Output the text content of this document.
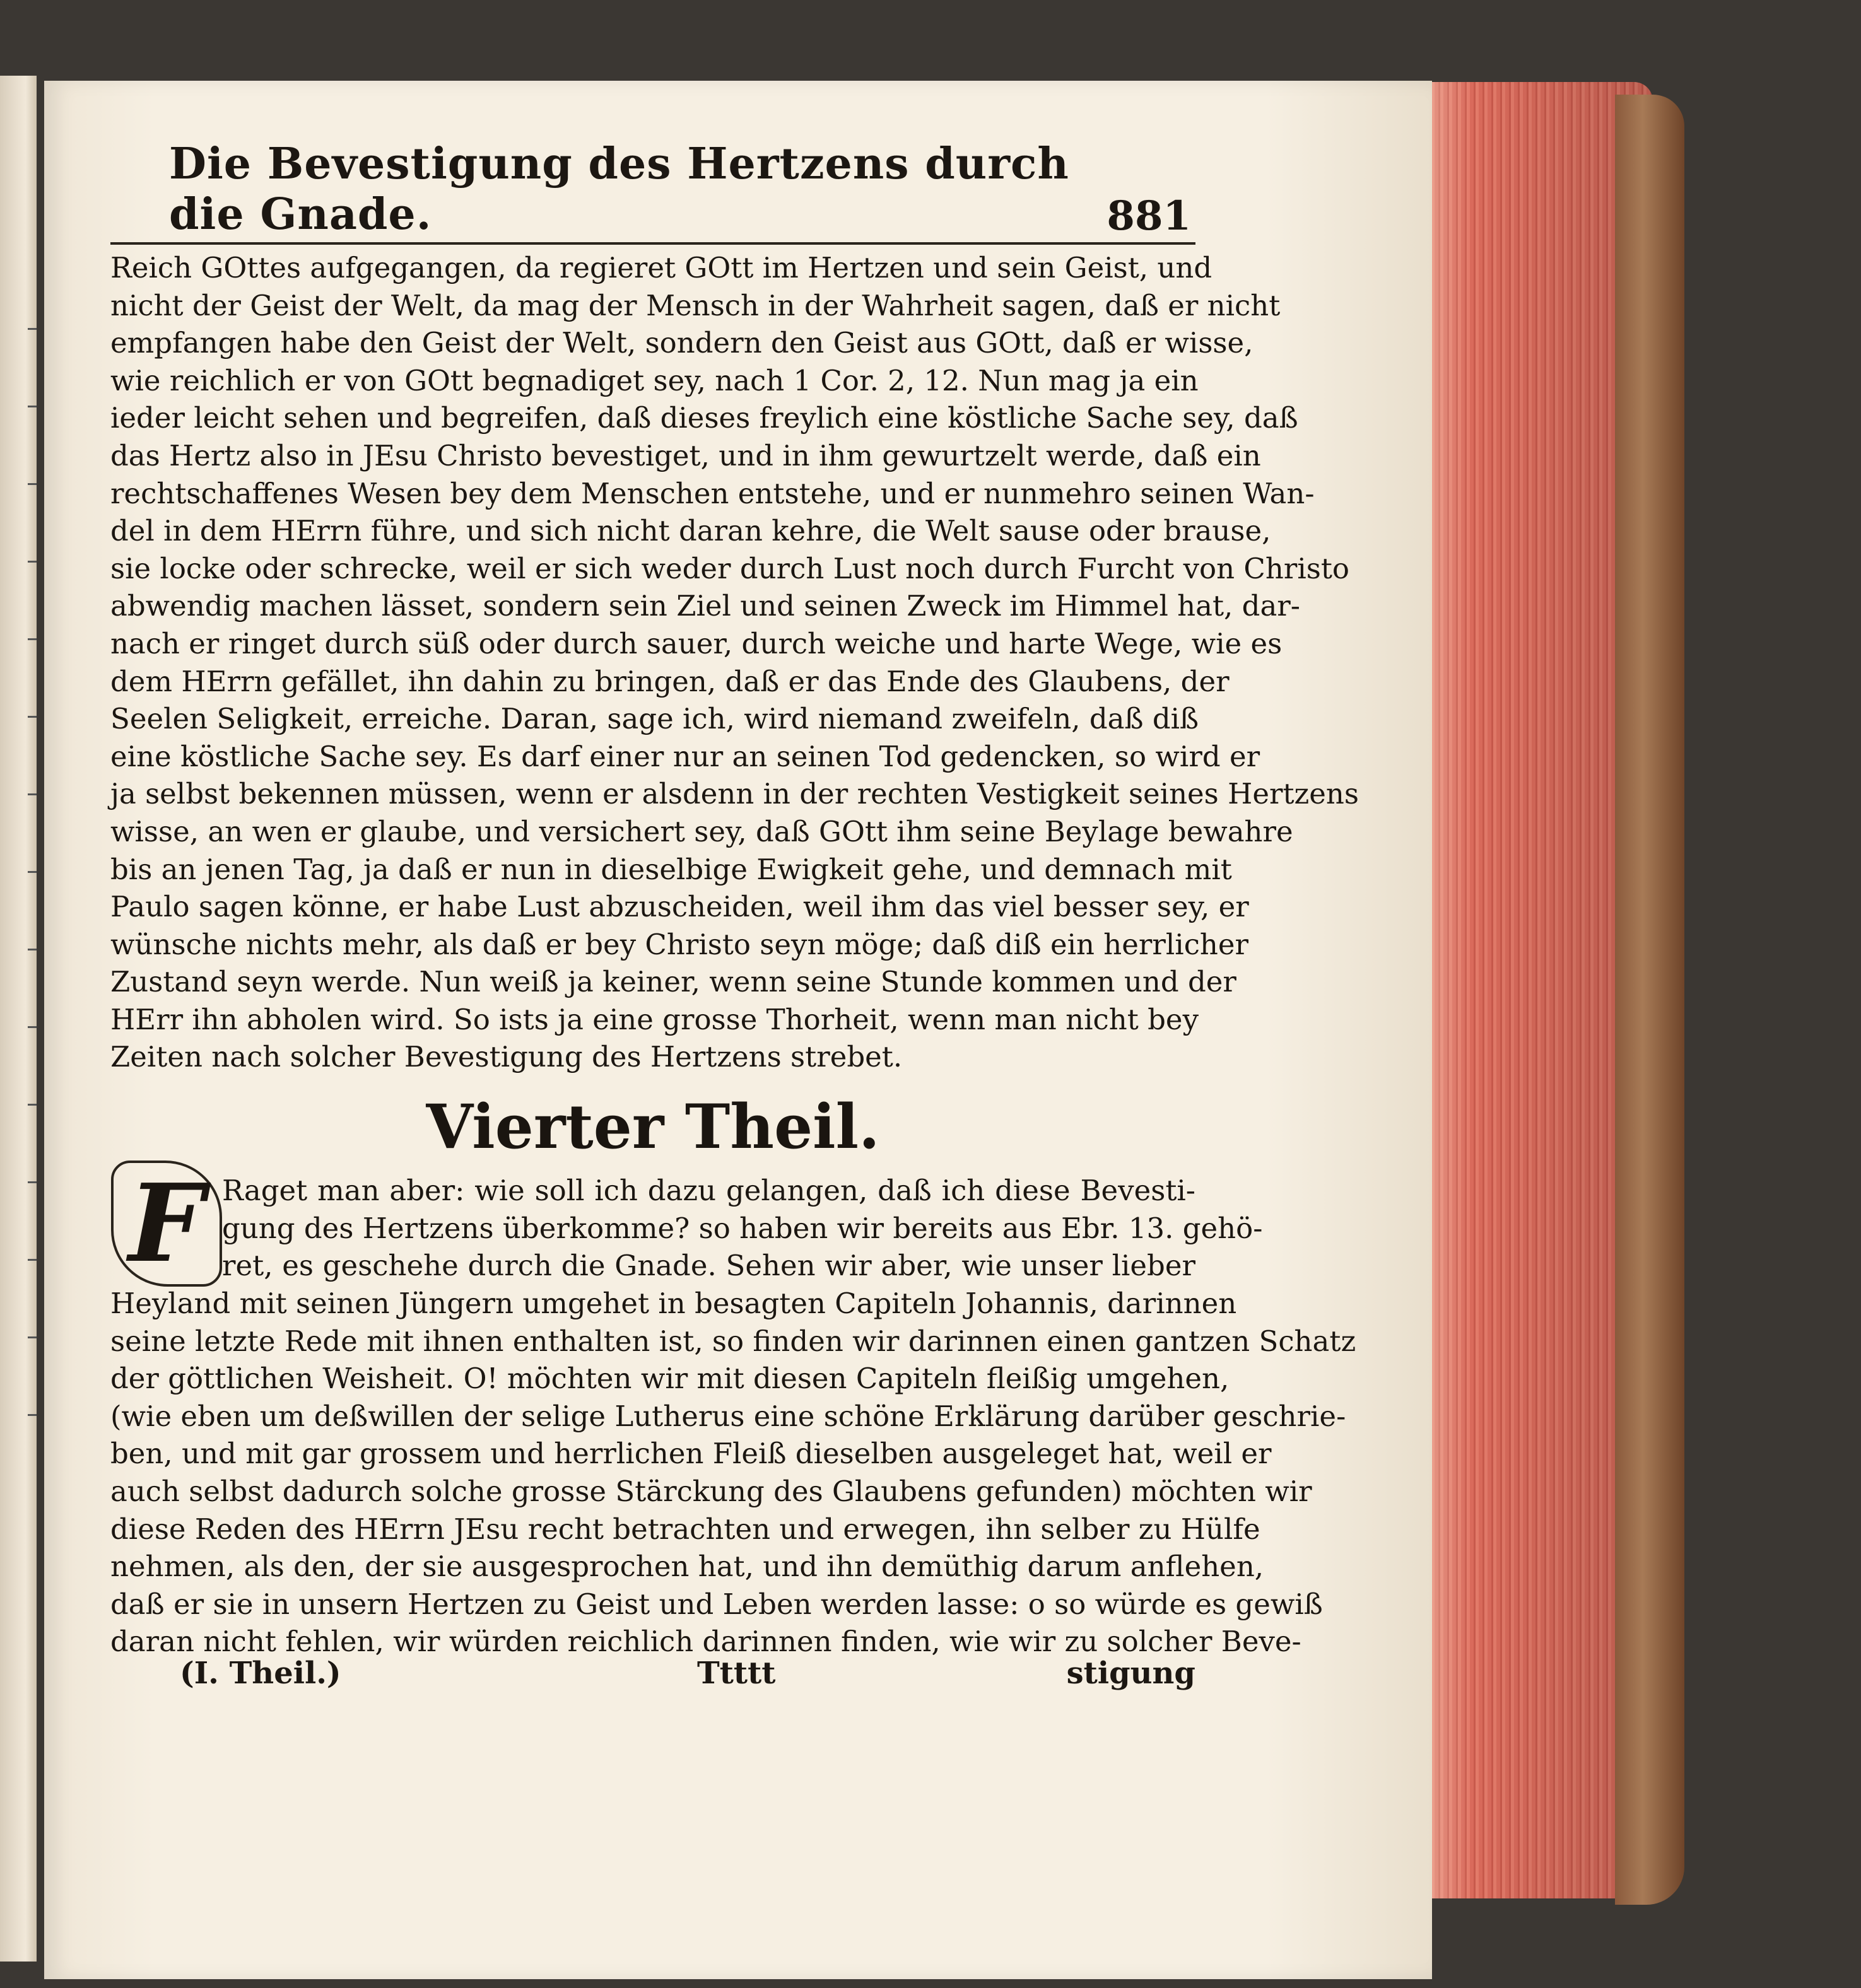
Die Bevestigung des Hertzens durch die Gnade.	881
Reich GOttes aufgegangen, da regieret GOtt im Hertzen und sein Geist, und
nicht der Geist der Welt, da mag der Mensch in der Wahrheit sagen, daß er nicht
empfangen habe den Geist der Welt, sondern den Geist aus GOtt, daß er wisse,
wie reichlich er von GOtt begnadiget sey, nach 1 Cor. 2, 12. Nun mag ja ein
ieder leicht sehen und begreifen, daß dieses freylich eine köstliche Sache sey, daß
das Hertz also in JEsu Christo bevestiget, und in ihm gewurtzelt werde, daß ein
rechtschaffenes Wesen bey dem Menschen entstehe, und er nunmehro seinen Wan-
del in dem HErrn führe, und sich nicht daran kehre, die Welt sause oder brause,
sie locke oder schrecke, weil er sich weder durch Lust noch durch Furcht von Christo
abwendig machen lässet, sondern sein Ziel und seinen Zweck im Himmel hat, dar-
nach er ringet durch süß oder durch sauer, durch weiche und harte Wege, wie es
dem HErrn gefället, ihn dahin zu bringen, daß er das Ende des Glaubens, der
Seelen Seligkeit, erreiche. Daran, sage ich, wird niemand zweifeln, daß diß
eine köstliche Sache sey. Es darf einer nur an seinen Tod gedencken, so wird er
ja selbst bekennen müssen, wenn er alsdenn in der rechten Vestigkeit seines Hertzens
wisse, an wen er glaube, und versichert sey, daß GOtt ihm seine Beylage bewahre
bis an jenen Tag, ja daß er nun in dieselbige Ewigkeit gehe, und demnach mit
Paulo sagen könne, er habe Lust abzuscheiden, weil ihm das viel besser sey, er
wünsche nichts mehr, als daß er bey Christo seyn möge; daß diß ein herrlicher
Zustand seyn werde. Nun weiß ja keiner, wenn seine Stunde kommen und der
HErr ihn abholen wird. So ists ja eine grosse Thorheit, wenn man nicht bey
Zeiten nach solcher Bevestigung des Hertzens strebet.
Vierter Theil.
F Raget man aber: wie soll ich dazu gelangen, daß ich diese Bevesti-
gung des Hertzens überkomme? so haben wir bereits aus Ebr. 13. gehö-
ret, es geschehe durch die Gnade. Sehen wir aber, wie unser lieber
Heyland mit seinen Jüngern umgehet in besagten Capiteln Johannis, darinnen
seine letzte Rede mit ihnen enthalten ist, so finden wir darinnen einen gantzen Schatz
der göttlichen Weisheit. O! möchten wir mit diesen Capiteln fleißig umgehen,
(wie eben um deßwillen der selige Lutherus eine schöne Erklärung darüber geschrie-
ben, und mit gar grossem und herrlichen Fleiß dieselben ausgeleget hat, weil er
auch selbst dadurch solche grosse Stärckung des Glaubens gefunden) möchten wir
diese Reden des HErrn JEsu recht betrachten und erwegen, ihn selber zu Hülfe
nehmen, als den, der sie ausgesprochen hat, und ihn demüthig darum anflehen,
daß er sie in unsern Hertzen zu Geist und Leben werden lasse: o so würde es gewiß
daran nicht fehlen, wir würden reichlich darinnen finden, wie wir zu solcher Beve-
(I. Theil.)	Ttttt	stigung
